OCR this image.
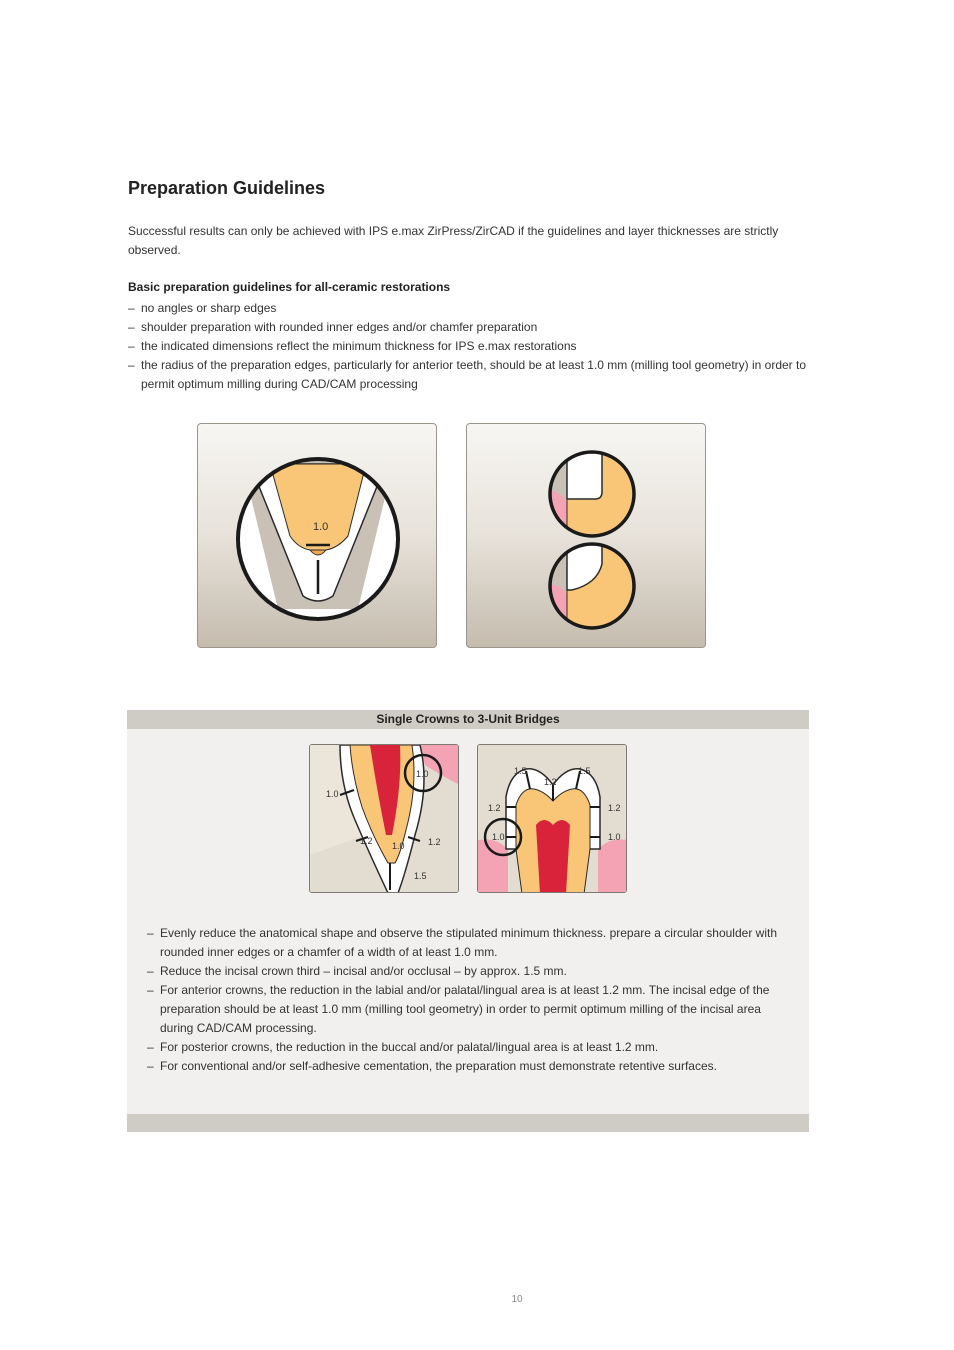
Preparation Guidelines

Successful results can only be achieved with IPS e.max ZirPress/ZirCAD if the guidelines and layer thicknesses are strictly observed.

Basic preparation guidelines for all-ceramic restorations

– no angles or sharp edges
– shoulder preparation with rounded inner edges and/or chamfer preparation
– the indicated dimensions reflect the minimum thickness for IPS e.max restorations
– the radius of the preparation edges, particularly for anterior teeth, should be at least 1.0 mm (milling tool geometry) in order to permit optimum milling during CAD/CAM processing
1.0
Single Crowns to 3-Unit Bridges
1.0
1.0
1.2 1.0	1.2
1.5
1.5
1.2
1.5
1.2	1.2
1.0	1.0
– Evenly reduce the anatomical shape and observe the stipulated minimum thickness. prepare a circular shoulder with rounded inner edges or a chamfer of a width of at least 1.0 mm.
– Reduce the incisal crown third – incisal and/or occlusal – by approx. 1.5 mm.
– For anterior crowns, the reduction in the labial and/or palatal/lingual area is at least 1.2 mm. The incisal edge of the preparation should be at least 1.0 mm (milling tool geometry) in order to permit optimum milling of the incisal area during CAD/CAM processing.
– For posterior crowns, the reduction in the buccal and/or palatal/lingual area is at least 1.2 mm.
– For conventional and/or self-adhesive cementation, the preparation must demonstrate retentive surfaces.
10
